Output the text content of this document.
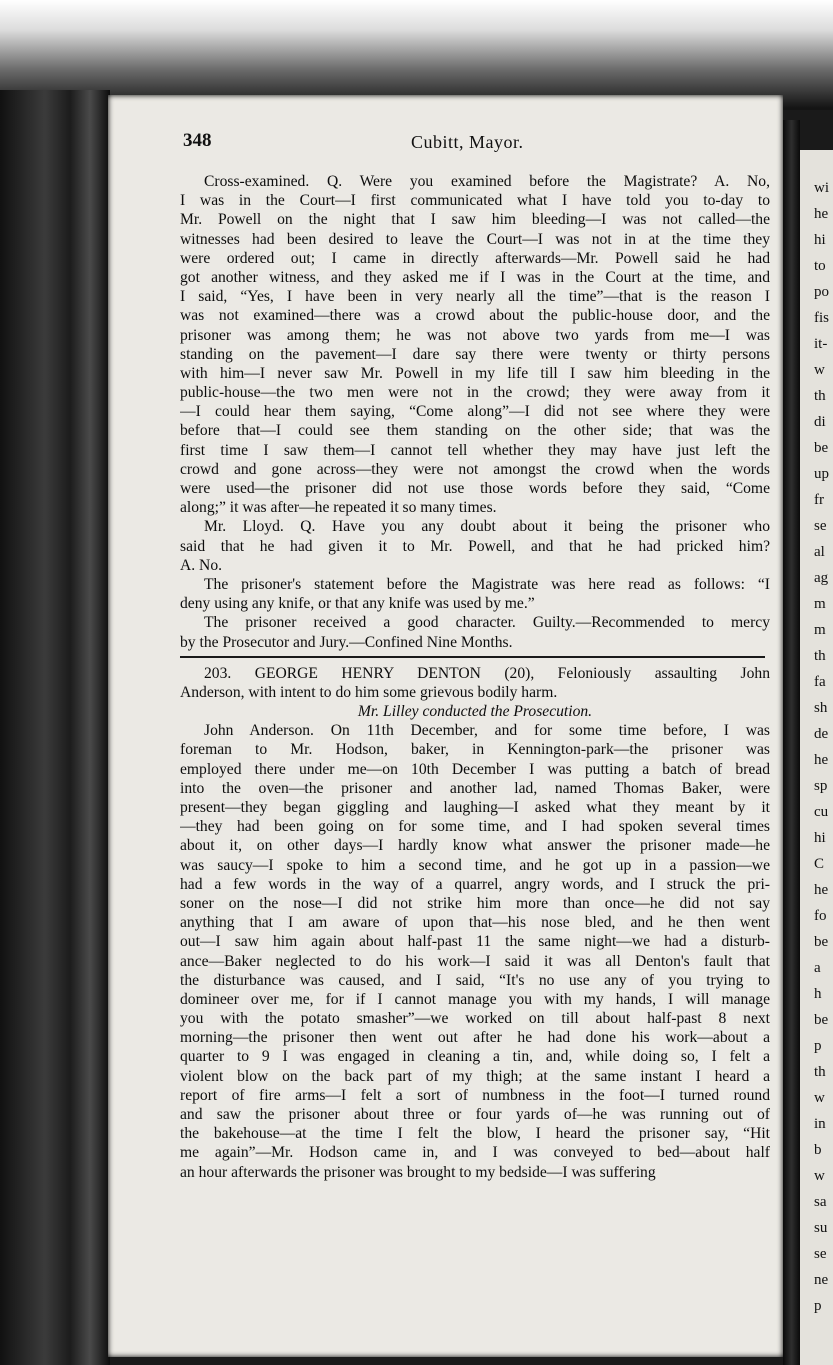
wi
he
hi
to
po
fis
it-
w
th
di
be
up
fr
se
al
ag
m
m
th
fa
sh
de
he
sp
cu
hi
C
he
fo
be
a
h
be
p
th
w
in
b
w
sa
su
se
ne
p
348	Cubitt, Mayor.
Cross-examined. Q. Were you examined before the Magistrate? A. No,
I was in the Court—I first communicated what I have told you to-day to
Mr. Powell on the night that I saw him bleeding—I was not called—the
witnesses had been desired to leave the Court—I was not in at the time they
were ordered out; I came in directly afterwards—Mr. Powell said he had
got another witness, and they asked me if I was in the Court at the time, and
I said, “Yes, I have been in very nearly all the time”—that is the reason I
was not examined—there was a crowd about the public-house door, and the
prisoner was among them; he was not above two yards from me—I was
standing on the pavement—I dare say there were twenty or thirty persons
with him—I never saw Mr. Powell in my life till I saw him bleeding in the
public-house—the two men were not in the crowd; they were away from it
—I could hear them saying, “Come along”—I did not see where they were
before that—I could see them standing on the other side; that was the
first time I saw them—I cannot tell whether they may have just left the
crowd and gone across—they were not amongst the crowd when the words
were used—the prisoner did not use those words before they said, “Come
along;” it was after—he repeated it so many times.
Mr. Lloyd. Q. Have you any doubt about it being the prisoner who
said that he had given it to Mr. Powell, and that he had pricked him?
A. No.
The prisoner's statement before the Magistrate was here read as follows: “I
deny using any knife, or that any knife was used by me.”
The prisoner received a good character. Guilty.—Recommended to mercy
by the Prosecutor and Jury.—Confined Nine Months.
203. GEORGE HENRY DENTON (20), Feloniously assaulting John
Anderson, with intent to do him some grievous bodily harm.
Mr. Lilley conducted the Prosecution.
John Anderson. On 11th December, and for some time before, I was
foreman to Mr. Hodson, baker, in Kennington-park—the prisoner was
employed there under me—on 10th December I was putting a batch of bread
into the oven—the prisoner and another lad, named Thomas Baker, were
present—they began giggling and laughing—I asked what they meant by it
—they had been going on for some time, and I had spoken several times
about it, on other days—I hardly know what answer the prisoner made—he
was saucy—I spoke to him a second time, and he got up in a passion—we
had a few words in the way of a quarrel, angry words, and I struck the pri-
soner on the nose—I did not strike him more than once—he did not say
anything that I am aware of upon that—his nose bled, and he then went
out—I saw him again about half-past 11 the same night—we had a disturb-
ance—Baker neglected to do his work—I said it was all Denton's fault that
the disturbance was caused, and I said, “It's no use any of you trying to
domineer over me, for if I cannot manage you with my hands, I will manage
you with the potato smasher”—we worked on till about half-past 8 next
morning—the prisoner then went out after he had done his work—about a
quarter to 9 I was engaged in cleaning a tin, and, while doing so, I felt a
violent blow on the back part of my thigh; at the same instant I heard a
report of fire arms—I felt a sort of numbness in the foot—I turned round
and saw the prisoner about three or four yards of—he was running out of
the bakehouse—at the time I felt the blow, I heard the prisoner say, “Hit
me again”—Mr. Hodson came in, and I was conveyed to bed—about half
an hour afterwards the prisoner was brought to my bedside—I was suffering
